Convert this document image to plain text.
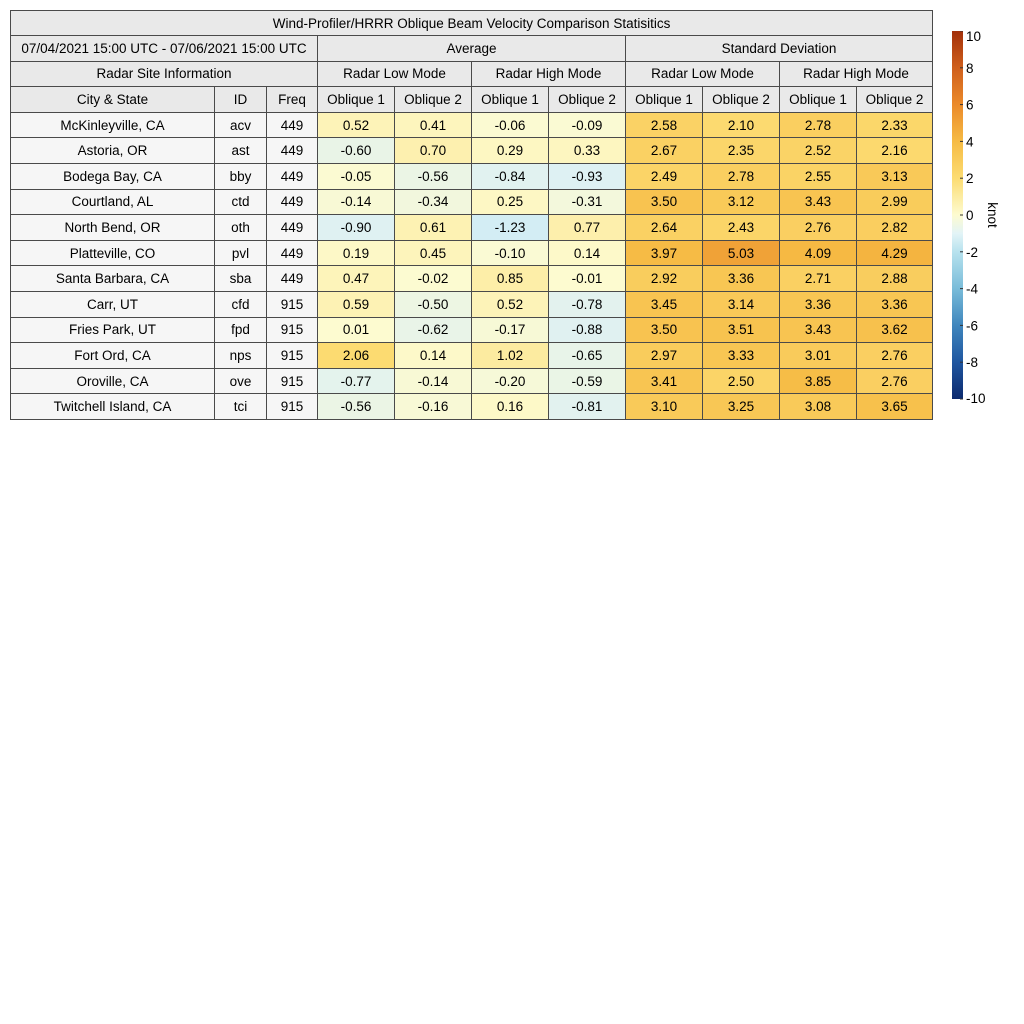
Wind-Profiler/HRRR Oblique Beam Velocity Comparison Statisitics										
07/04/2021 15:00 UTC - 07/06/2021 15:00 UTC			Average				Standard Deviation			
Radar Site Information			Radar Low Mode		Radar High Mode		Radar Low Mode		Radar High Mode	
City & State	ID	Freq	Oblique 1	Oblique 2	Oblique 1	Oblique 2	Oblique 1	Oblique 2	Oblique 1	Oblique 2
McKinleyville, CA	acv	449	0.52	0.41	-0.06	-0.09	2.58	2.10	2.78	2.33
Astoria, OR	ast	449	-0.60	0.70	0.29	0.33	2.67	2.35	2.52	2.16
Bodega Bay, CA	bby	449	-0.05	-0.56	-0.84	-0.93	2.49	2.78	2.55	3.13
Courtland, AL	ctd	449	-0.14	-0.34	0.25	-0.31	3.50	3.12	3.43	2.99
North Bend, OR	oth	449	-0.90	0.61	-1.23	0.77	2.64	2.43	2.76	2.82
Platteville, CO	pvl	449	0.19	0.45	-0.10	0.14	3.97	5.03	4.09	4.29
Santa Barbara, CA	sba	449	0.47	-0.02	0.85	-0.01	2.92	3.36	2.71	2.88
Carr, UT	cfd	915	0.59	-0.50	0.52	-0.78	3.45	3.14	3.36	3.36
Fries Park, UT	fpd	915	0.01	-0.62	-0.17	-0.88	3.50	3.51	3.43	3.62
Fort Ord, CA	nps	915	2.06	0.14	1.02	-0.65	2.97	3.33	3.01	2.76
Oroville, CA	ove	915	-0.77	-0.14	-0.20	-0.59	3.41	2.50	3.85	2.76
Twitchell Island, CA	tci	915	-0.56	-0.16	0.16	-0.81	3.10	3.25	3.08	3.65
10
8
6
4
2
0
-2
-4
-6
-8
-10
knot
